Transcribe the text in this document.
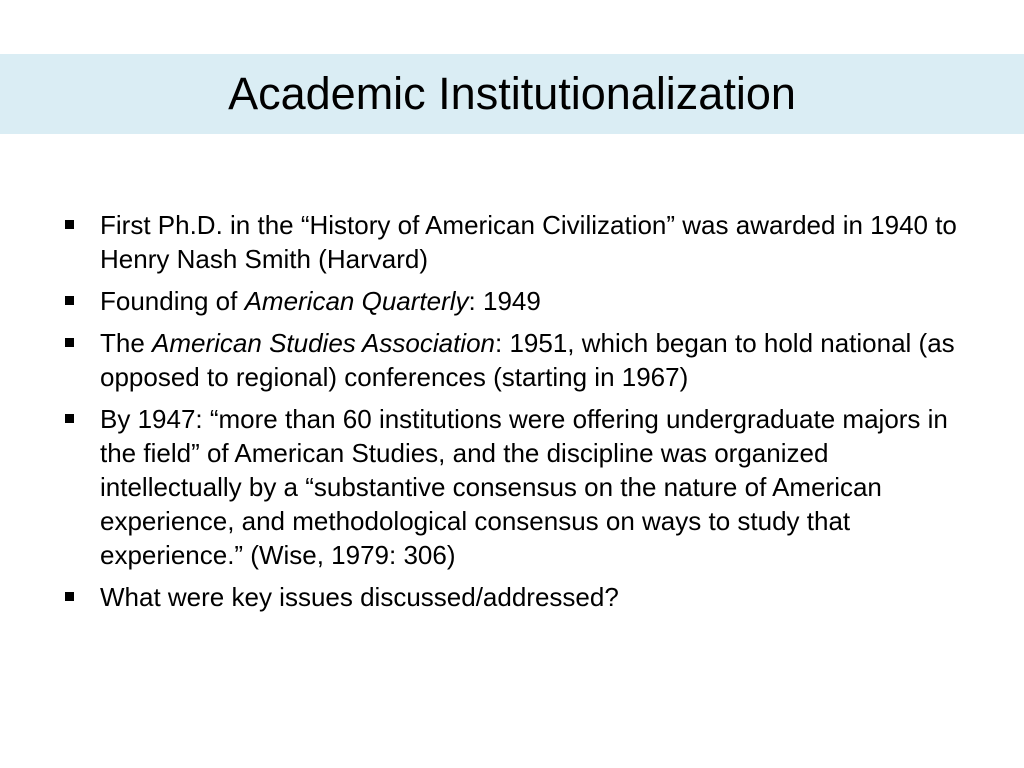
Academic Institutionalization
First Ph.D. in the “History of American Civilization” was awarded in 1940 to Henry Nash Smith (Harvard)
Founding of American Quarterly: 1949
The American Studies Association: 1951, which began to hold national (as opposed to regional) conferences (starting in 1967)
By 1947: “more than 60 institutions were offering undergraduate majors in the field” of American Studies, and the discipline was organized intellectually by a “substantive consensus on the nature of American experience, and methodological consensus on ways to study that experience.” (Wise, 1979: 306)
What were key issues discussed/addressed?
